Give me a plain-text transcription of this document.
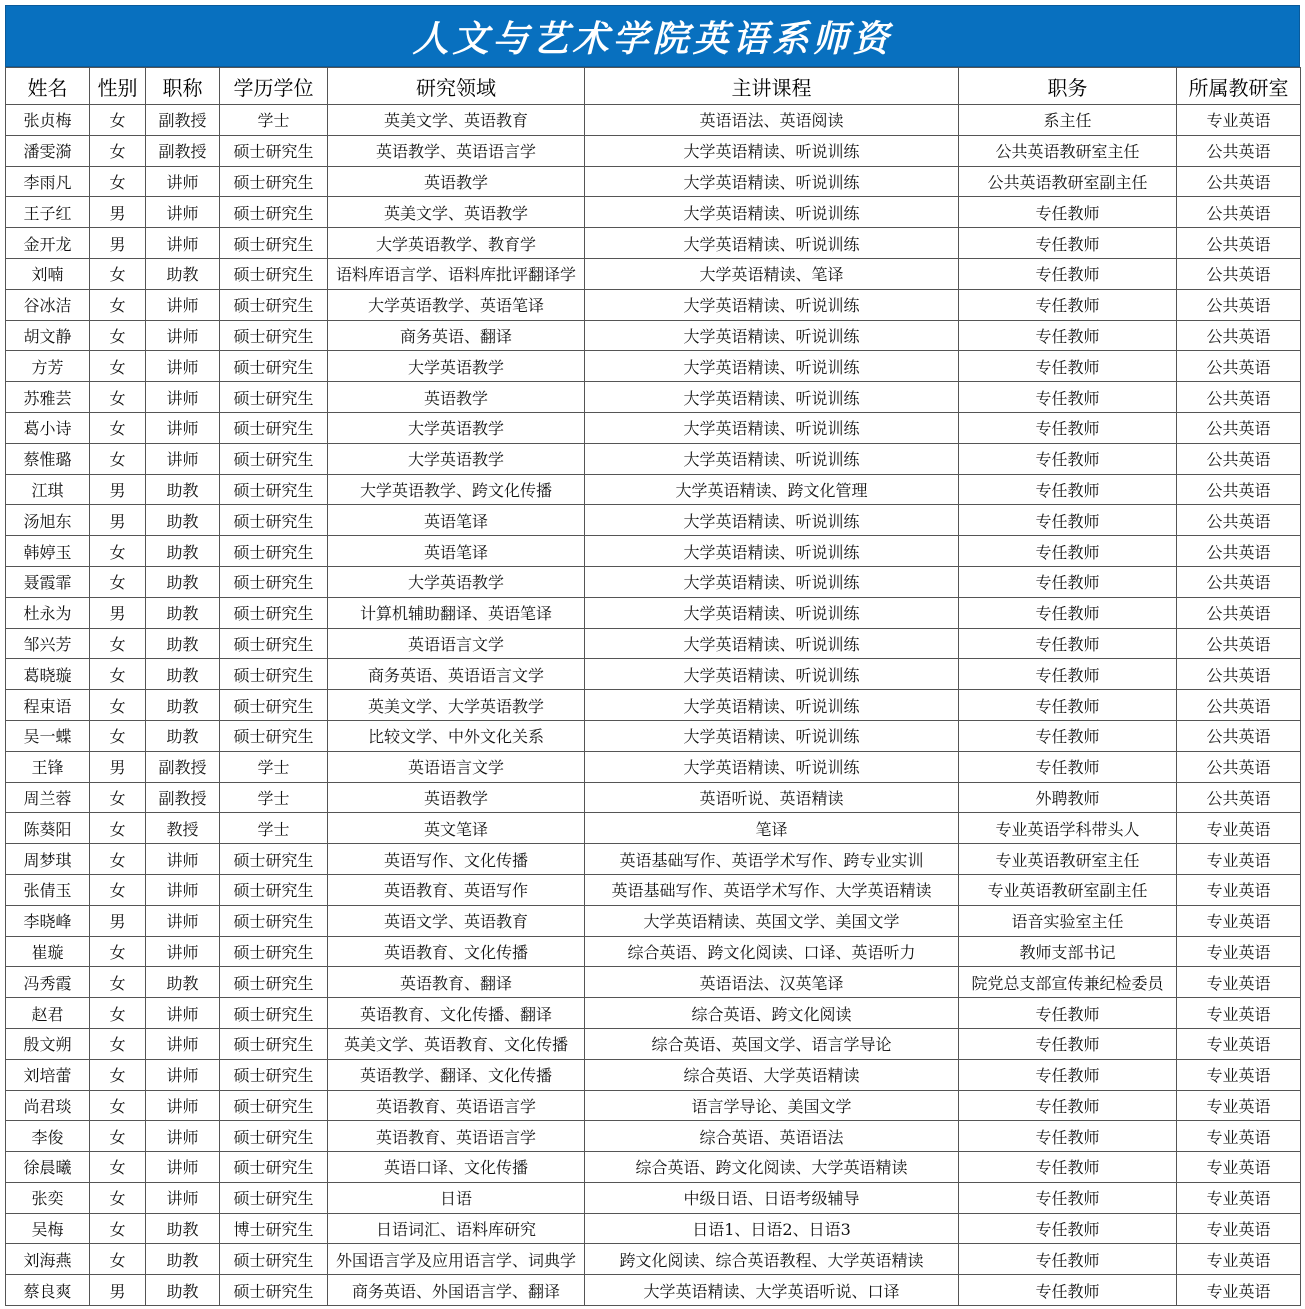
人文与艺术学院英语系师资
姓名	性别	职称	学历学位	研究领域	主讲课程	职务	所属教研室
张贞梅	女	副教授	学士	英美文学、英语教育	英语语法、英语阅读	系主任	专业英语
潘雯漪	女	副教授	硕士研究生	英语教学、英语语言学	大学英语精读、听说训练	公共英语教研室主任	公共英语
李雨凡	女	讲师	硕士研究生	英语教学	大学英语精读、听说训练	公共英语教研室副主任	公共英语
王子红	男	讲师	硕士研究生	英美文学、英语教学	大学英语精读、听说训练	专任教师	公共英语
金开龙	男	讲师	硕士研究生	大学英语教学、教育学	大学英语精读、听说训练	专任教师	公共英语
刘喃	女	助教	硕士研究生	语料库语言学、语料库批评翻译学	大学英语精读、笔译	专任教师	公共英语
谷冰洁	女	讲师	硕士研究生	大学英语教学、英语笔译	大学英语精读、听说训练	专任教师	公共英语
胡文静	女	讲师	硕士研究生	商务英语、翻译	大学英语精读、听说训练	专任教师	公共英语
方芳	女	讲师	硕士研究生	大学英语教学	大学英语精读、听说训练	专任教师	公共英语
苏雅芸	女	讲师	硕士研究生	英语教学	大学英语精读、听说训练	专任教师	公共英语
葛小诗	女	讲师	硕士研究生	大学英语教学	大学英语精读、听说训练	专任教师	公共英语
蔡惟璐	女	讲师	硕士研究生	大学英语教学	大学英语精读、听说训练	专任教师	公共英语
江琪	男	助教	硕士研究生	大学英语教学、跨文化传播	大学英语精读、跨文化管理	专任教师	公共英语
汤旭东	男	助教	硕士研究生	英语笔译	大学英语精读、听说训练	专任教师	公共英语
韩婷玉	女	助教	硕士研究生	英语笔译	大学英语精读、听说训练	专任教师	公共英语
聂霞霏	女	助教	硕士研究生	大学英语教学	大学英语精读、听说训练	专任教师	公共英语
杜永为	男	助教	硕士研究生	计算机辅助翻译、英语笔译	大学英语精读、听说训练	专任教师	公共英语
邹兴芳	女	助教	硕士研究生	英语语言文学	大学英语精读、听说训练	专任教师	公共英语
葛晓璇	女	助教	硕士研究生	商务英语、英语语言文学	大学英语精读、听说训练	专任教师	公共英语
程束语	女	助教	硕士研究生	英美文学、大学英语教学	大学英语精读、听说训练	专任教师	公共英语
吴一蝶	女	助教	硕士研究生	比较文学、中外文化关系	大学英语精读、听说训练	专任教师	公共英语
王锋	男	副教授	学士	英语语言文学	大学英语精读、听说训练	专任教师	公共英语
周兰蓉	女	副教授	学士	英语教学	英语听说、英语精读	外聘教师	公共英语
陈葵阳	女	教授	学士	英文笔译	笔译	专业英语学科带头人	专业英语
周梦琪	女	讲师	硕士研究生	英语写作、文化传播	英语基础写作、英语学术写作、跨专业实训	专业英语教研室主任	专业英语
张倩玉	女	讲师	硕士研究生	英语教育、英语写作	英语基础写作、英语学术写作、大学英语精读	专业英语教研室副主任	专业英语
李晓峰	男	讲师	硕士研究生	英语文学、英语教育	大学英语精读、英国文学、美国文学	语音实验室主任	专业英语
崔璇	女	讲师	硕士研究生	英语教育、文化传播	综合英语、跨文化阅读、口译、英语听力	教师支部书记	专业英语
冯秀霞	女	助教	硕士研究生	英语教育、翻译	英语语法、汉英笔译	院党总支部宣传兼纪检委员	专业英语
赵君	女	讲师	硕士研究生	英语教育、文化传播、翻译	综合英语、跨文化阅读	专任教师	专业英语
殷文朔	女	讲师	硕士研究生	英美文学、英语教育、文化传播	综合英语、英国文学、语言学导论	专任教师	专业英语
刘培蕾	女	讲师	硕士研究生	英语教学、翻译、文化传播	综合英语、大学英语精读	专任教师	专业英语
尚君琰	女	讲师	硕士研究生	英语教育、英语语言学	语言学导论、美国文学	专任教师	专业英语
李俊	女	讲师	硕士研究生	英语教育、英语语言学	综合英语、英语语法	专任教师	专业英语
徐晨曦	女	讲师	硕士研究生	英语口译、文化传播	综合英语、跨文化阅读、大学英语精读	专任教师	专业英语
张奕	女	讲师	硕士研究生	日语	中级日语、日语考级辅导	专任教师	专业英语
吴梅	女	助教	博士研究生	日语词汇、语料库研究	日语1、日语2、日语3	专任教师	专业英语
刘海燕	女	助教	硕士研究生	外国语言学及应用语言学、词典学	跨文化阅读、综合英语教程、大学英语精读	专任教师	专业英语
蔡良爽	男	助教	硕士研究生	商务英语、外国语言学、翻译	大学英语精读、大学英语听说、口译	专任教师	专业英语
